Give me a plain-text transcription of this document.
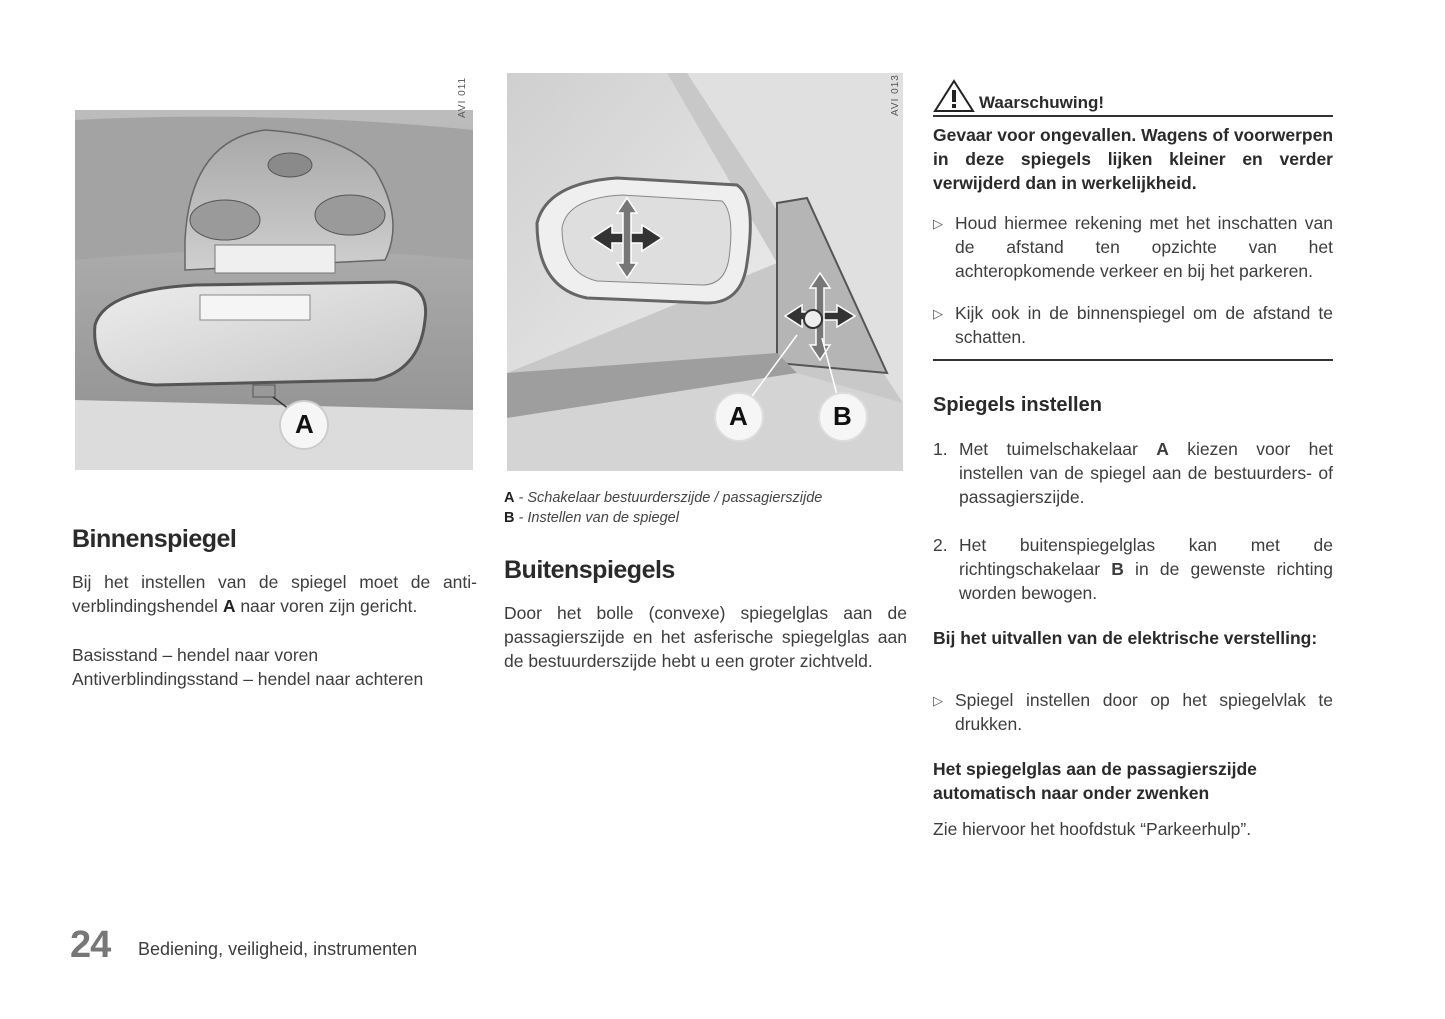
A
AVI 011
A	B
AVI 013
A - Schakelaar bestuurderszijde / passagierszijde
B - Instellen van de spiegel
Binnenspiegel

Bij het instellen van de spiegel moet de anti-verblindingshendel A naar voren zijn gericht.

Basisstand – hendel naar voren
Antiverblindingsstand – hendel naar achteren
Buitenspiegels

Door het bolle (convexe) spiegelglas aan de passagierszijde en het asferische spiegelglas aan de bestuurderszijde hebt u een groter zichtveld.

Waarschuwing!
Gevaar voor ongevallen. Wagens of voorwerpen in deze spiegels lijken kleiner en verder verwijderd dan in werkelijkheid.
▷ Houd hiermee rekening met het inschatten van de afstand ten opzichte van het achteropkomende verkeer en bij het parkeren.
▷ Kijk ook in de binnenspiegel om de afstand te schatten.
Spiegels instellen
1. Met tuimelschakelaar A kiezen voor het instellen van de spiegel aan de bestuurders- of passagierszijde.
2. Het buitenspiegelglas kan met de richtingschakelaar B in de gewenste richting worden bewogen.
Bij het uitvallen van de elektrische verstelling:
▷ Spiegel instellen door op het spiegelvlak te drukken.
Het spiegelglas aan de passagierszijde automatisch naar onder zwenken
Zie hiervoor het hoofdstuk “Parkeerhulp”.
24 Bediening, veiligheid, instrumenten
